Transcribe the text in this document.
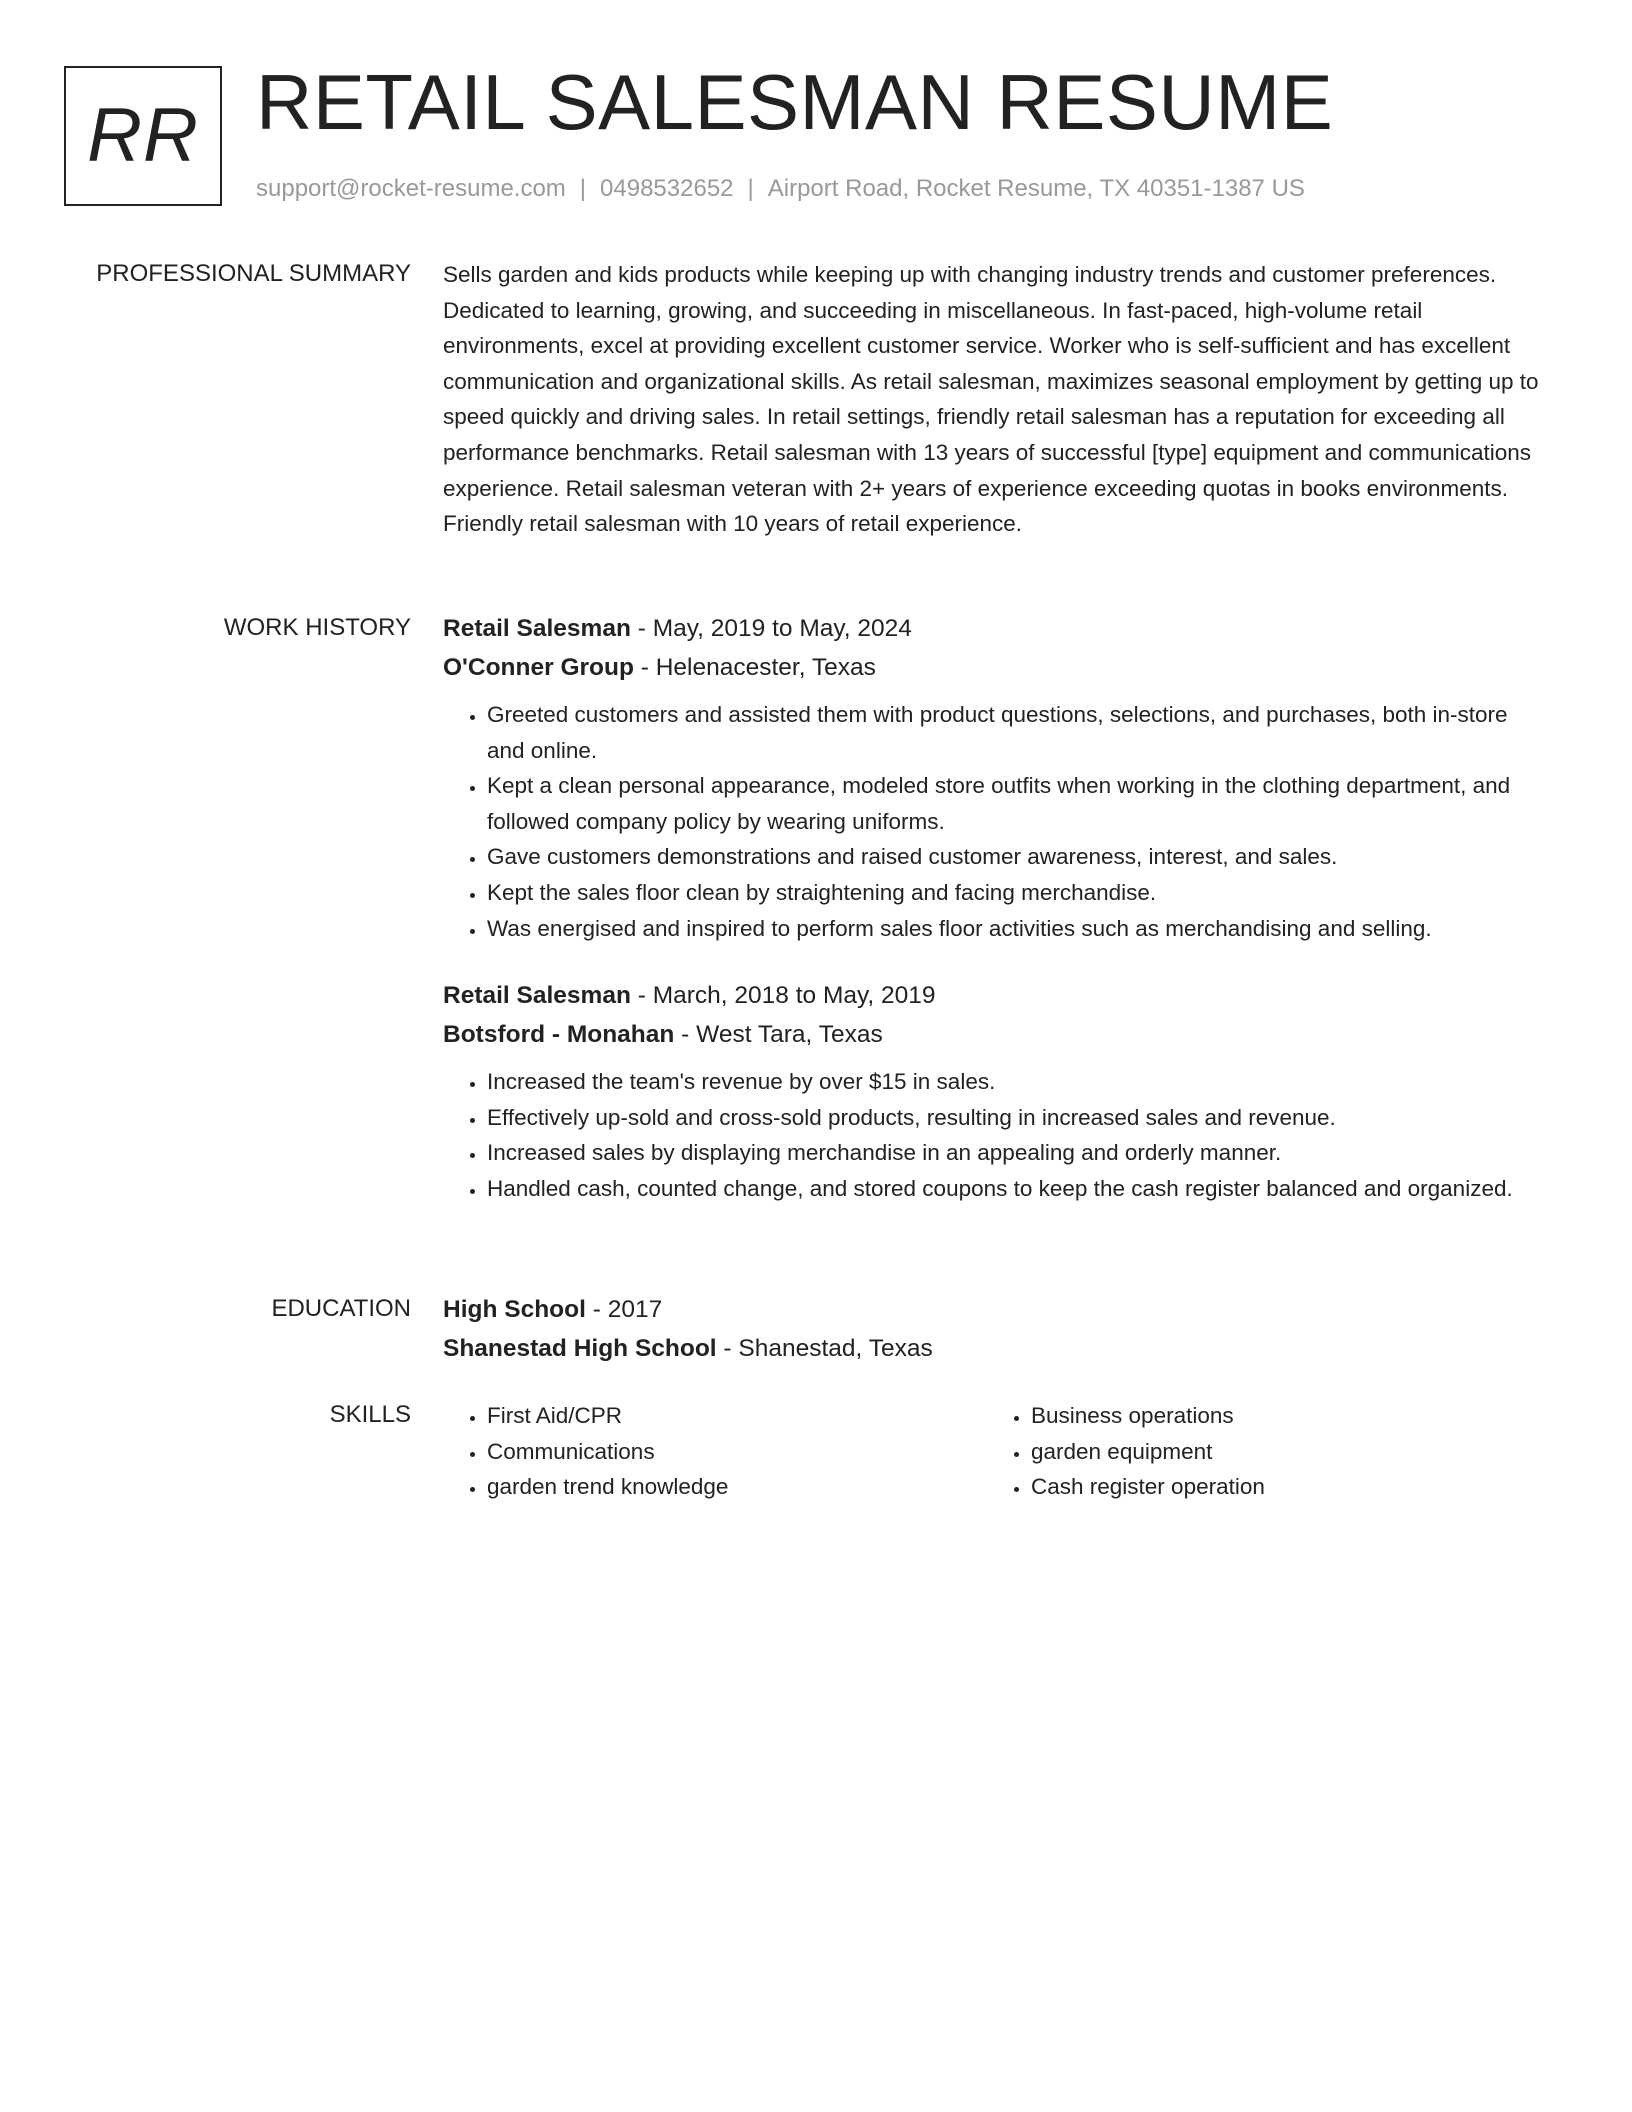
RR RETAIL SALESMAN RESUME
support@rocket-resume.com | 0498532652 | Airport Road, Rocket Resume, TX 40351-1387 US
PROFESSIONAL SUMMARY Sells garden and kids products while keeping up with changing industry trends and customer preferences. Dedicated to learning, growing, and succeeding in miscellaneous. In fast-paced, high-volume retail environments, excel at providing excellent customer service. Worker who is self-sufficient and has excellent communication and organizational skills. As retail salesman, maximizes seasonal employment by getting up to speed quickly and driving sales. In retail settings, friendly retail salesman has a reputation for exceeding all performance benchmarks. Retail salesman with 13 years of successful [type] equipment and communications experience. Retail salesman veteran with 2+ years of experience exceeding quotas in books environments. Friendly retail salesman with 10 years of retail experience.

WORK HISTORY Retail Salesman - May, 2019 to May, 2024
O'Conner Group - Helenacester, Texas
• Greeted customers and assisted them with product questions, selections, and purchases, both in-store and online.
• Kept a clean personal appearance, modeled store outfits when working in the clothing department, and followed company policy by wearing uniforms.
• Gave customers demonstrations and raised customer awareness, interest, and sales.
• Kept the sales floor clean by straightening and facing merchandise.
• Was energised and inspired to perform sales floor activities such as merchandising and selling.
Retail Salesman - March, 2018 to May, 2019
Botsford - Monahan - West Tara, Texas
• Increased the team's revenue by over $15 in sales.
• Effectively up-sold and cross-sold products, resulting in increased sales and revenue.
• Increased sales by displaying merchandise in an appealing and orderly manner.
• Handled cash, counted change, and stored coupons to keep the cash register balanced and organized.
EDUCATION High School - 2017
Shanestad High School - Shanestad, Texas
SKILLS
•	First Aid/CPR
• Communications
• garden trend knowledge
• Business operations
• garden equipment
• Cash register operation
